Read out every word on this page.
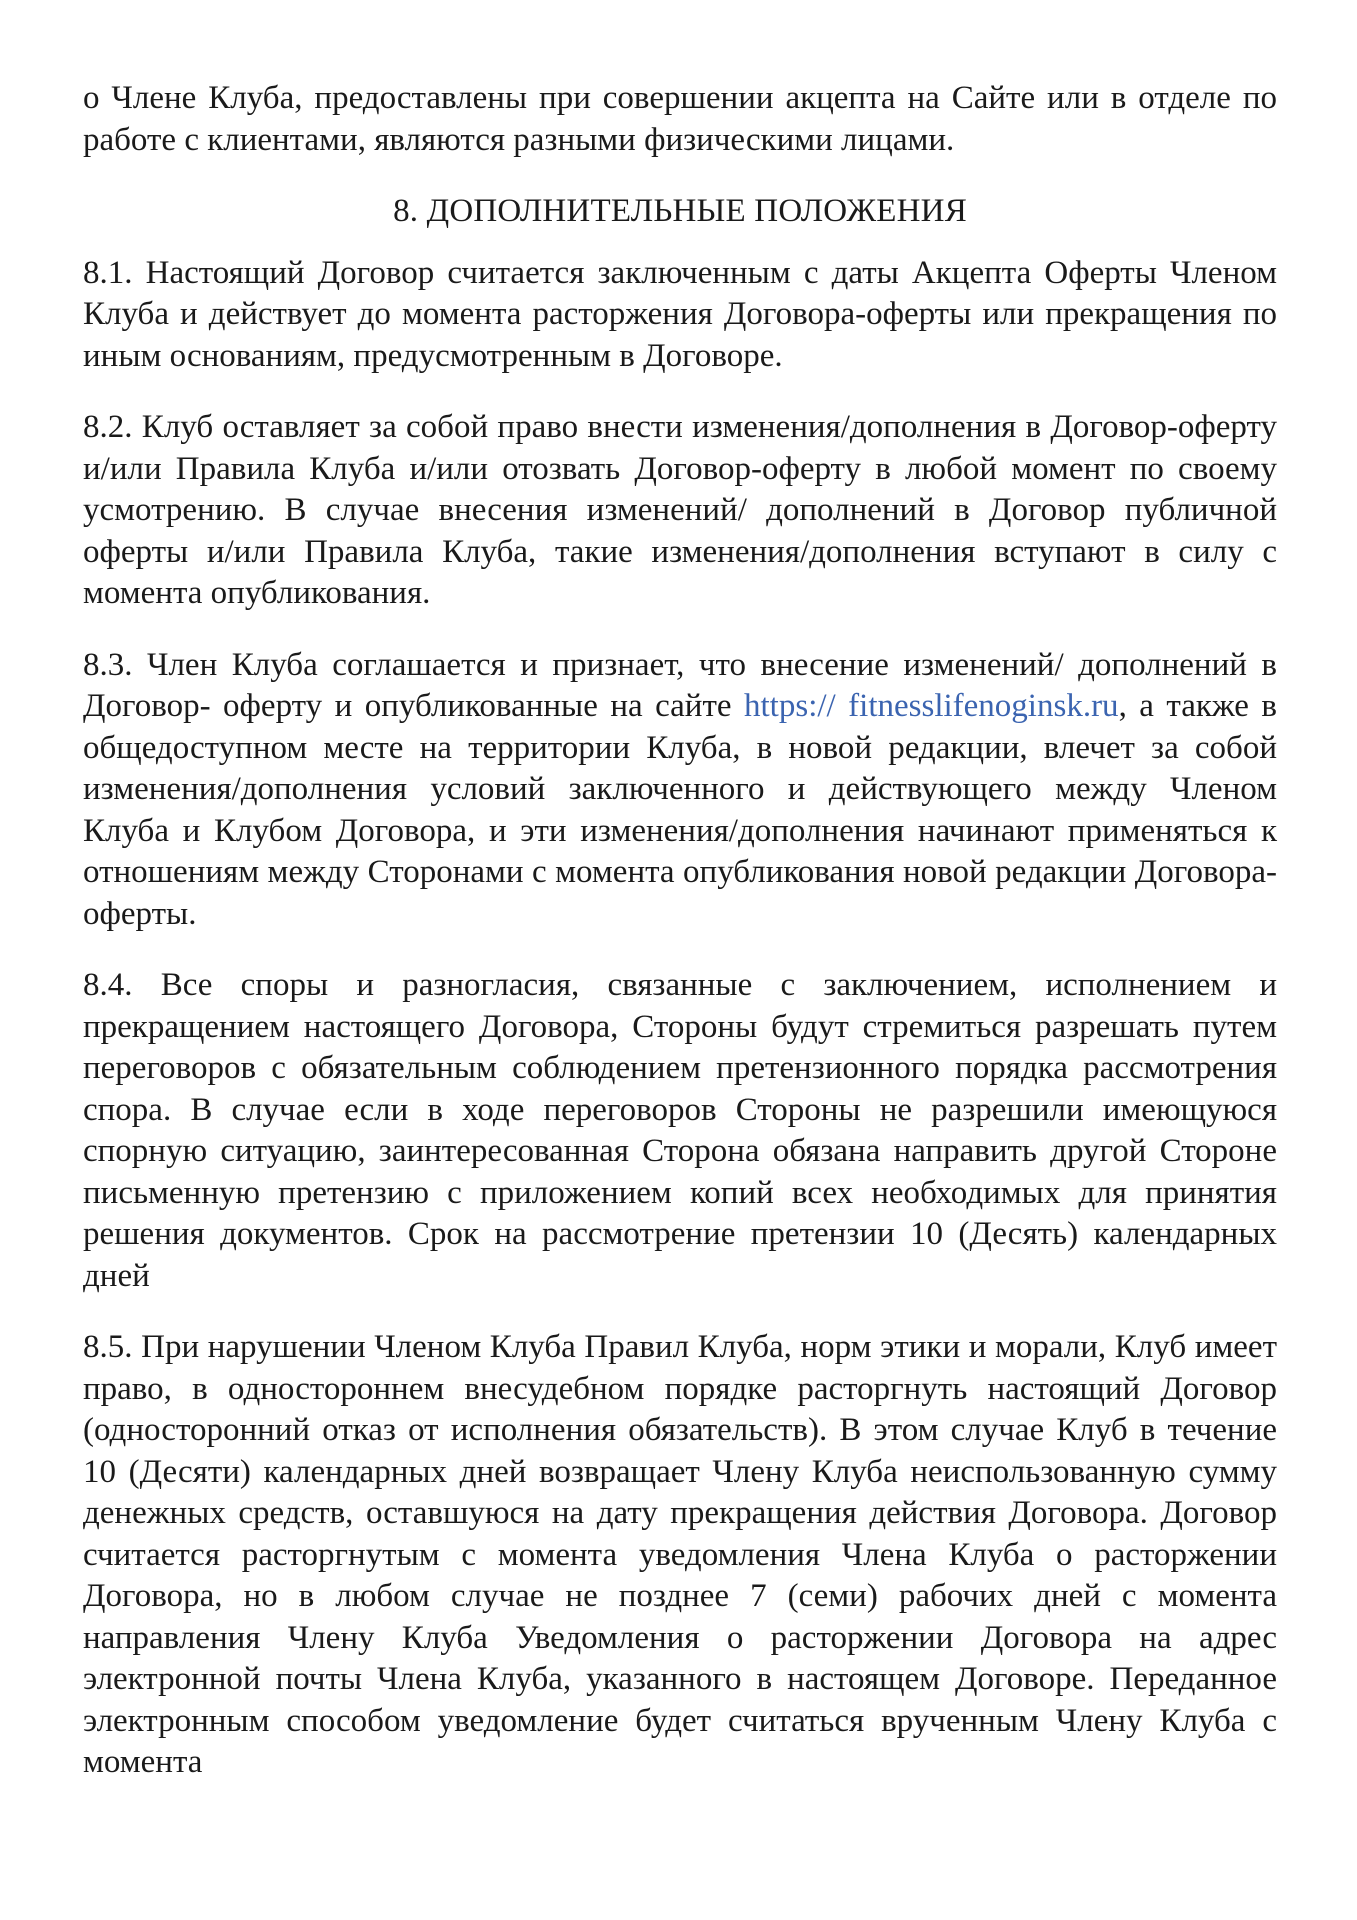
о Члене Клуба, предоставлены при совершении акцепта на Сайте или в отделе по работе с клиентами, являются разными физическими лицами.

8. ДОПОЛНИТЕЛЬНЫЕ ПОЛОЖЕНИЯ

8.1. Настоящий Договор считается заключенным с даты Акцепта Оферты Членом Клуба и действует до момента расторжения Договора-оферты или прекращения по иным основаниям, предусмотренным в Договоре.

8.2. Клуб оставляет за собой право внести изменения/дополнения в Договор-оферту и/или Правила Клуба и/или отозвать Договор-оферту в любой момент по своему усмотрению. В случае внесения изменений/ дополнений в Договор публичной оферты и/или Правила Клуба, такие изменения/дополнения вступают в силу с момента опубликования.

8.3. Член Клуба соглашается и признает, что внесение изменений/ дополнений в Договор- оферту и опубликованные на сайте https:// fitnesslifenoginsk.ru, а также в общедоступном месте на территории Клуба, в новой редакции, влечет за собой изменения/дополнения условий заключенного и действующего между Членом Клуба и Клубом Договора, и эти изменения/дополнения начинают применяться к отношениям между Сторонами с момента опубликования новой редакции Договора-оферты.

8.4. Все споры и разногласия, связанные с заключением, исполнением и прекращением настоящего Договора, Стороны будут стремиться разрешать путем переговоров с обязательным соблюдением претензионного порядка рассмотрения спора. В случае если в ходе переговоров Стороны не разрешили имеющуюся спорную ситуацию, заинтересованная Сторона обязана направить другой Стороне письменную претензию с приложением копий всех необходимых для принятия решения документов. Срок на рассмотрение претензии 10 (Десять) календарных дней

8.5. При нарушении Членом Клуба Правил Клуба, норм этики и морали, Клуб имеет право, в одностороннем внесудебном порядке расторгнуть настоящий Договор (односторонний отказ от исполнения обязательств). В этом случае Клуб в течение 10 (Десяти) календарных дней возвращает Члену Клуба неиспользованную сумму денежных средств, оставшуюся на дату прекращения действия Договора. Договор считается расторгнутым с момента уведомления Члена Клуба о расторжении Договора, но в любом случае не позднее 7 (семи) рабочих дней с момента направления Члену Клуба Уведомления о расторжении Договора на адрес электронной почты Члена Клуба, указанного в настоящем Договоре. Переданное электронным способом уведомление будет считаться врученным Члену Клуба с момента
